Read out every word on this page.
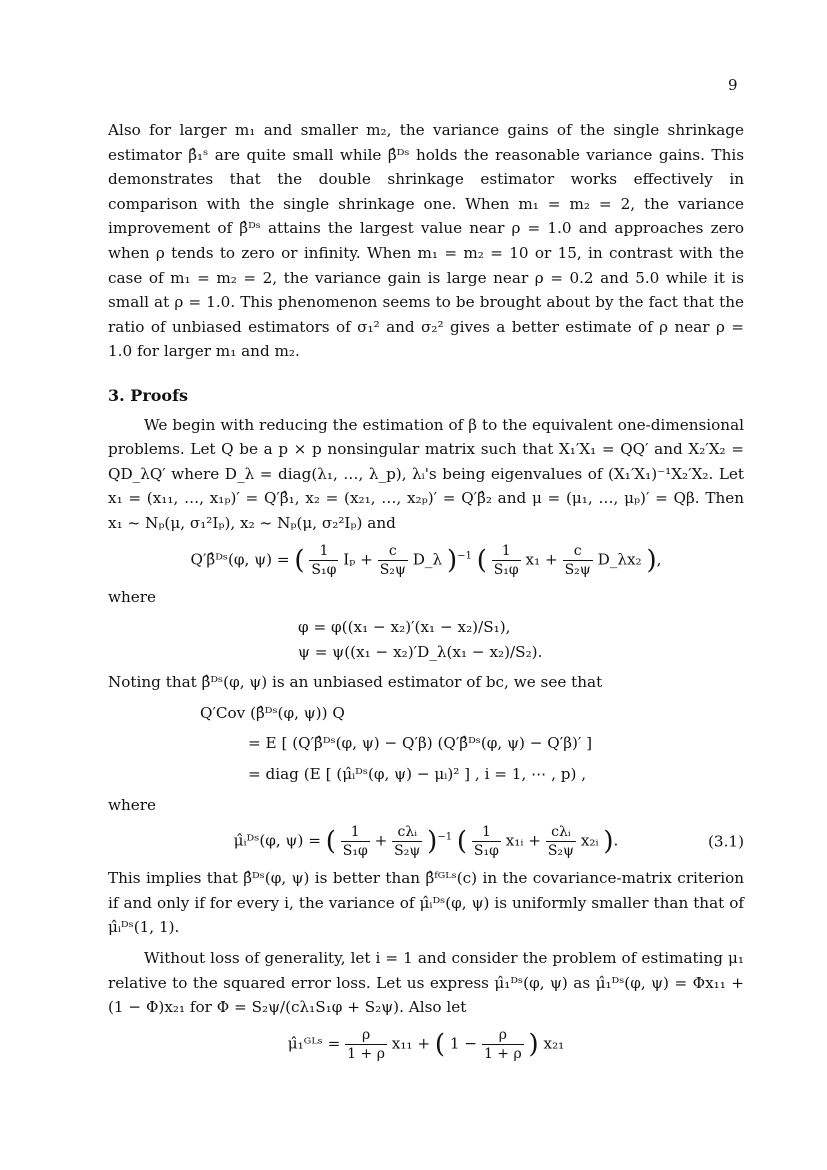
9

Also for larger m₁ and smaller m₂, the variance gains of the single shrinkage estimator β̂₁ˢ are quite small while β̂ᴰˢ holds the reasonable variance gains. This demonstrates that the double shrinkage estimator works effectively in comparison with the single shrinkage one. When m₁ = m₂ = 2, the variance improvement of β̂ᴰˢ attains the largest value near ρ = 1.0 and approaches zero when ρ tends to zero or infinity. When m₁ = m₂ = 10 or 15, in contrast with the case of m₁ = m₂ = 2, the variance gain is large near ρ = 0.2 and 5.0 while it is small at ρ = 1.0. This phenomenon seems to be brought about by the fact that the ratio of unbiased estimators of σ₁² and σ₂² gives a better estimate of ρ near ρ = 1.0 for larger m₁ and m₂.

3. Proofs

We begin with reducing the estimation of β to the equivalent one-dimensional problems. Let Q be a p × p nonsingular matrix such that X₁′X₁ = QQ′ and X₂′X₂ = QD_λQ′ where D_λ = diag(λ₁, …, λ_p), λᵢ's being eigenvalues of (X₁′X₁)⁻¹X₂′X₂. Let x₁ = (x₁₁, …, x₁ₚ)′ = Q′β̂₁, x₂ = (x₂₁, …, x₂ₚ)′ = Q′β̂₂ and μ = (μ₁, …, μₚ)′ = Qβ. Then x₁ ~ Nₚ(μ, σ₁²Iₚ), x₂ ~ Nₚ(μ, σ₂²Iₚ) and

Q′β̂ᴰˢ(φ, ψ) = ( $\frac{1}{\text{S₁φ}}$ $I_p + \frac{c}{\text{S₂ψ}}$ D_λ )$^{-1}$ ( $\frac{1}{\text{S₁φ}} x_1 + \frac{c}{\text{S₂ψ}}$ D_λx₂ ),

where

φ = φ((x₁ − x₂)′(x₁ − x₂)/S₁),
ψ = ψ((x₁ − x₂)′D_λ(x₁ − x₂)/S₂).

Noting that β̂ᴰˢ(φ, ψ) is an unbiased estimator of bc, we see that

Q′Cov (β̂ᴰˢ(φ, ψ)) Q
= E [ (Q′β̂ᴰˢ(φ, ψ) − Q′β) (Q′β̂ᴰˢ(φ, ψ) − Q′β)′ ]
= diag (E [ (μ̂ᵢᴰˢ(φ, ψ) − μᵢ)² ] , i = 1, ⋯ , p) ,

where

μ̂ᵢᴰˢ(φ, ψ) = ( $\frac{1}{\text{S₁φ}} + \frac{\text{cλᵢ}}{\text{S₂ψ}} )^{-1}$ ( $\frac{1}{\text{S₁φ}}$ x₁ᵢ + $\frac{\text{cλᵢ}}{\text{S₂ψ}}$ x₂ᵢ ).	(3.1)

This implies that β̂ᴰˢ(φ, ψ) is better than β̂ᶠᴳᴸˢ(c) in the covariance-matrix criterion if and only if for every i, the variance of μ̂ᵢᴰˢ(φ, ψ) is uniformly smaller than that of μ̂ᵢᴰˢ(1, 1).

Without loss of generality, let i = 1 and consider the problem of estimating μ₁ relative to the squared error loss. Let us express μ̂₁ᴰˢ(φ, ψ) as μ̂₁ᴰˢ(φ, ψ) = Φx₁₁ + (1 − Φ)x₂₁ for Φ = S₂ψ/(cλ₁S₁φ + S₂ψ). Also let

μ̂₁ᴳᴸˢ = $\frac{\rho}{1 + \rho} x_{11}$ + ( $1 - \frac{\rho}{1 + \rho}$ ) x₂₁
